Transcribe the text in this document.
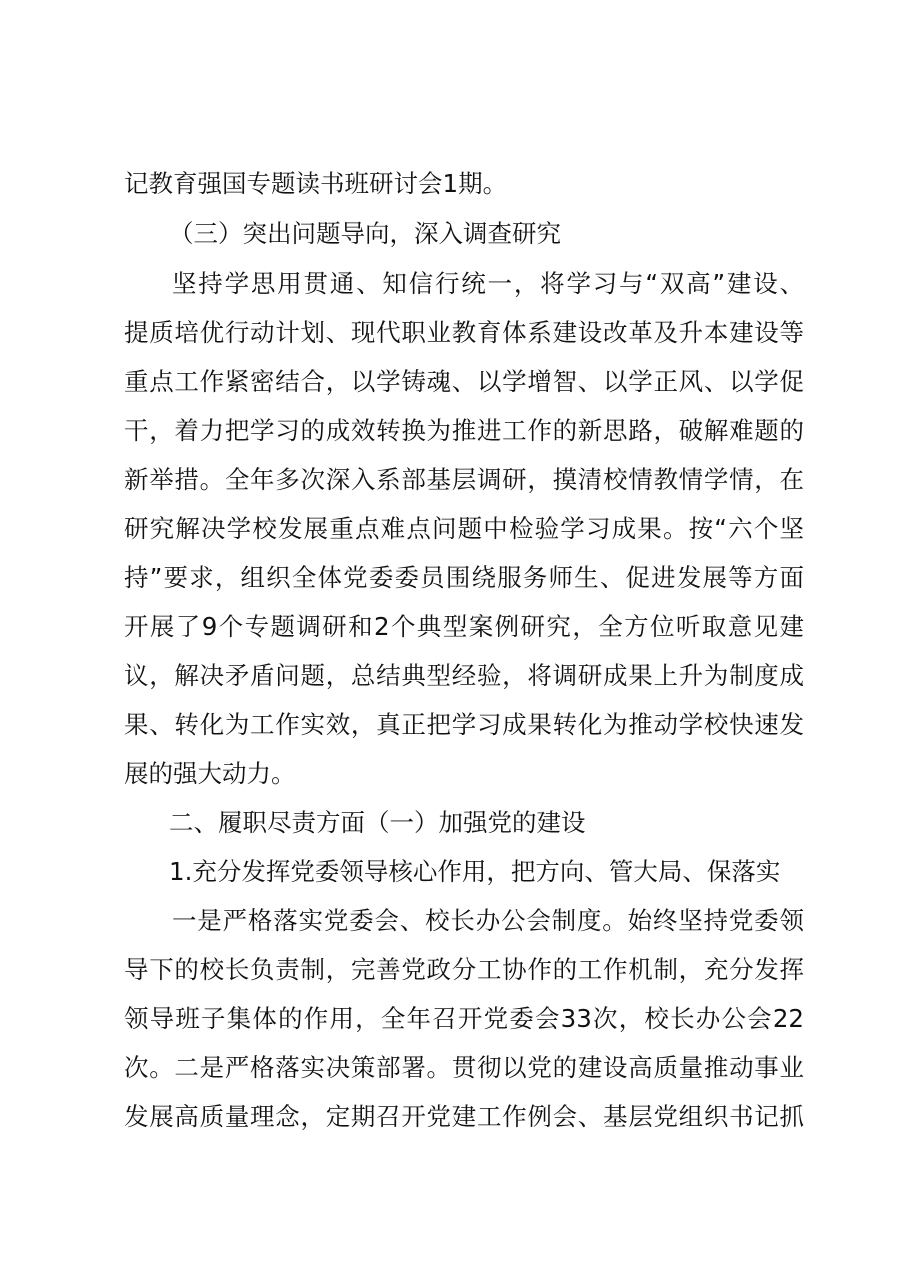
记教育强国专题读书班研讨会1期。
（三）突出问题导向，深入调查研究
坚持学思用贯通、知信行统一，将学习与“双高”建设、
提质培优行动计划、现代职业教育体系建设改革及升本建设等
重点工作紧密结合，以学铸魂、以学增智、以学正风、以学促
干，着力把学习的成效转换为推进工作的新思路，破解难题的
新举措。全年多次深入系部基层调研，摸清校情教情学情，在
研究解决学校发展重点难点问题中检验学习成果。按“六个坚
持”要求，组织全体党委委员围绕服务师生、促进发展等方面
开展了9个专题调研和2个典型案例研究，全方位听取意见建
议，解决矛盾问题，总结典型经验，将调研成果上升为制度成
果、转化为工作实效，真正把学习成果转化为推动学校快速发
展的强大动力。
二、履职尽责方面（一）加强党的建设
1.充分发挥党委领导核心作用，把方向、管大局、保落实
一是严格落实党委会、校长办公会制度。始终坚持党委领
导下的校长负责制，完善党政分工协作的工作机制，充分发挥
领导班子集体的作用，全年召开党委会33次，校长办公会22
次。二是严格落实决策部署。贯彻以党的建设高质量推动事业
发展高质量理念，定期召开党建工作例会、基层党组织书记抓
